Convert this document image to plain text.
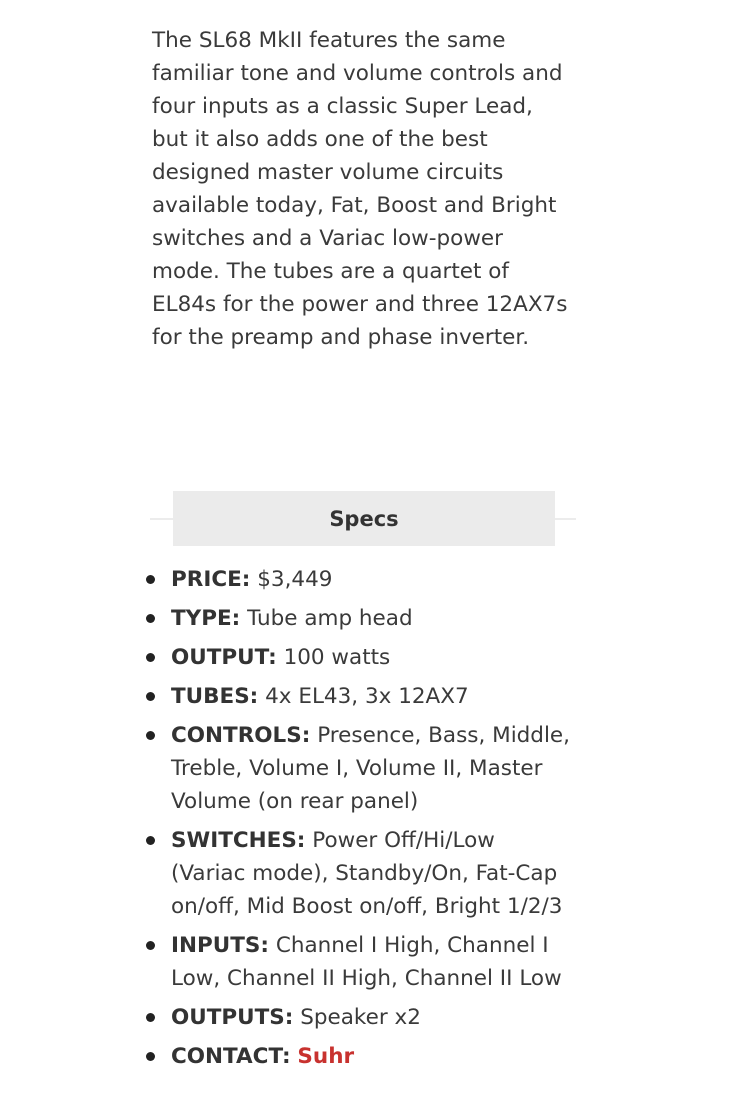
The SL68 MkII features the same familiar tone and volume controls and four inputs as a classic Super Lead, but it also adds one of the best designed master volume circuits available today, Fat, Boost and Bright switches and a Variac low-power mode. The tubes are a quartet of EL84s for the power and three 12AX7s for the preamp and phase inverter.

Specs
PRICE: $3,449
TYPE: Tube amp head
OUTPUT: 100 watts
TUBES: 4x EL43, 3x 12AX7
CONTROLS: Presence, Bass, Middle, Treble, Volume I, Volume II, Master Volume (on rear panel)
SWITCHES: Power Off/Hi/Low (Variac mode), Standby/On, Fat-Cap on/off, Mid Boost on/off, Bright 1/2/3
INPUTS: Channel I High, Channel I Low, Channel II High, Channel II Low
OUTPUTS: Speaker x2
CONTACT: Suhr
